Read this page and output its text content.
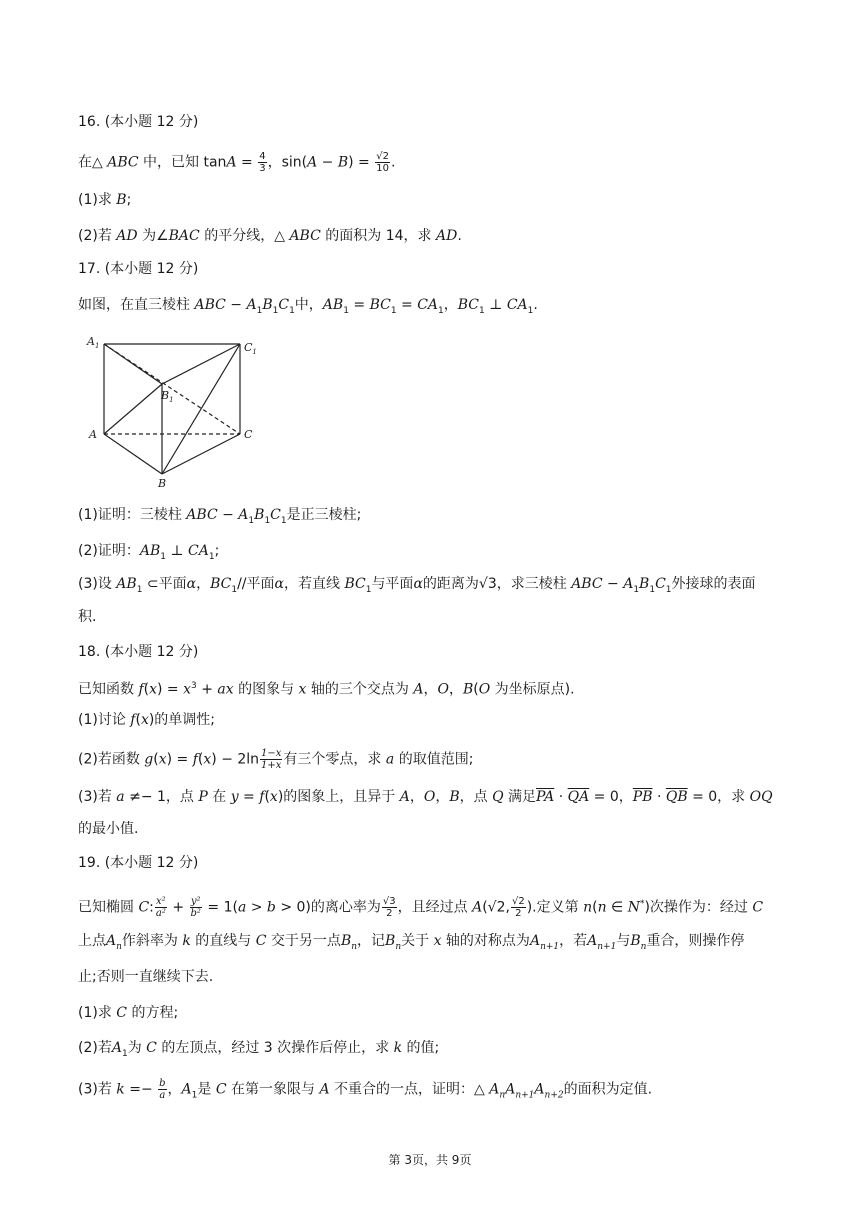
16. (本小题 12 分)
在△ ABC 中，已知 $\tan A = \frac{4}{3}$ ，$\sin(A - B) = \frac{√2}{10}$ .
(1)求 B;
(2)若 AD 为∠BAC 的平分线，△ ABC 的面积为 14，求 AD.
17. (本小题 12 分)
如图，在直三棱柱 ABC − $A_1B_1C_1$中，$AB_1 = BC_1 = CA_1$，$BC_1$ ⊥ $CA_1$.
$A_1$	$C_1$
$B_1$
A	C
B
(1)证明：三棱柱 ABC − $A_1B_1C_1$是正三棱柱;
(2)证明：$AB_1$ ⊥ $CA_1$;
(3)设 $AB_1$ ⊂平面α，$BC_1//$平面α，若直线 $BC_1$与平面α的距离为√3，求三棱柱 ABC − $A_1B_1C_1$外接球的表面
积.
18. (本小题 12 分)
已知函数 $f(x) = x^3$ + ax 的图象与 x 轴的三个交点为 A，O，B(O 为坐标原点).
(1)讨论 f(x)的单调性;
(2)若函数 $g(x) = f(x) - 2\ln \frac{1-x}{1+x}$ 有三个零点，求 a 的取值范围;
(3)若 a ≠− 1，点 P 在 y = f(x)的图象上，且异于 A，O，B，点 Q 满足$\overline{PA} \cdot \overline{QA} = 0$，$\overline{PB} \cdot \overline{QB} = 0$，求 OQ
的最小值.
19. (本小题 12 分)
已知椭圆 C: $\frac{\text{x²}}{\text{a²}} + \frac{\text{y²}}{\text{b²}} = 1(a > b > 0)$的离心率为 $\frac{√3}{2}$ ，且经过点 A(√2, $\frac{√2}{2}$ ).定义第 n(n ∈ N*)次操作为：经过 C
上点$A_n$作斜率为 k 的直线与 C 交于另一点$B_n$，记$B_n$关于 x 轴的对称点为$A_{n+1}$，若$A_{n+1}$与$B_n$重合，则操作停
止;否则一直继续下去.
(1)求 C 的方程;
(2)若$A_1$为 C 的左顶点，经过 3 次操作后停止，求 k 的值;
(3)若 $k =- \frac{b}{a}$ ，$A_1$是 C 在第一象限与 A 不重合的一点，证明：△ $A_nA_{n+1}A_{n+2}$的面积为定值.
第 3页，共 9页
